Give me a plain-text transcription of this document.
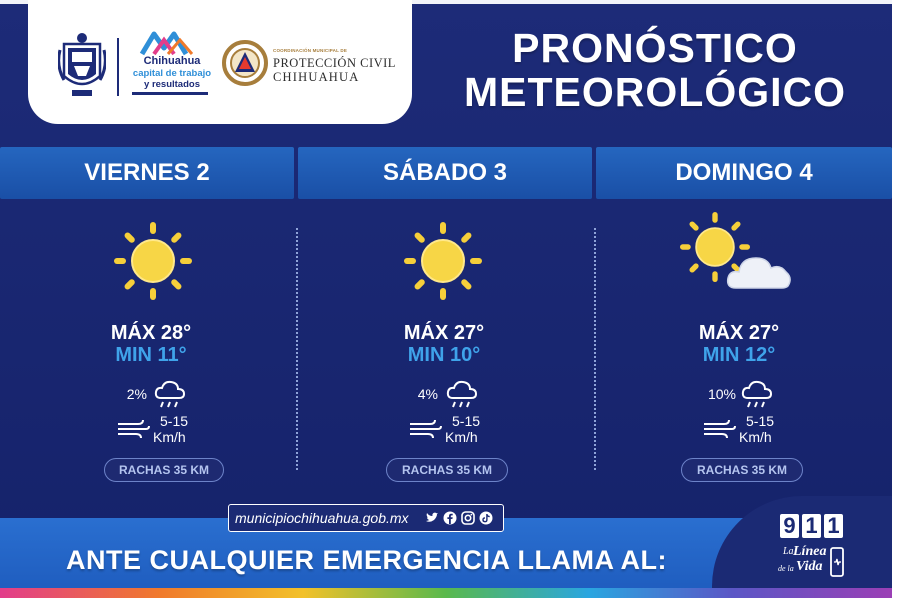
Chihuahua
capital de trabajo
y resultados
COORDINACIÓN MUNICIPAL DE
PROTECCIÓN CIVIL
CHIHUAHUA
PRONÓSTICO
METEOROLÓGICO
VIERNES 2	SÁBADO 3	DOMINGO 4
MÁX 28°
MIN 11°
2%
5-15
Km/h
RACHAS 35 KM
MÁX 27°
MIN 10°
4%
5-15
Km/h
RACHAS 35 KM
MÁX 27°
MIN 12°
10%
5-15
Km/h
RACHAS 35 KM
ANTE CUALQUIER EMERGENCIA LLAMA AL:
municipiochihuahua.gob.mx	9 1 1
La Línea
de la Vida
